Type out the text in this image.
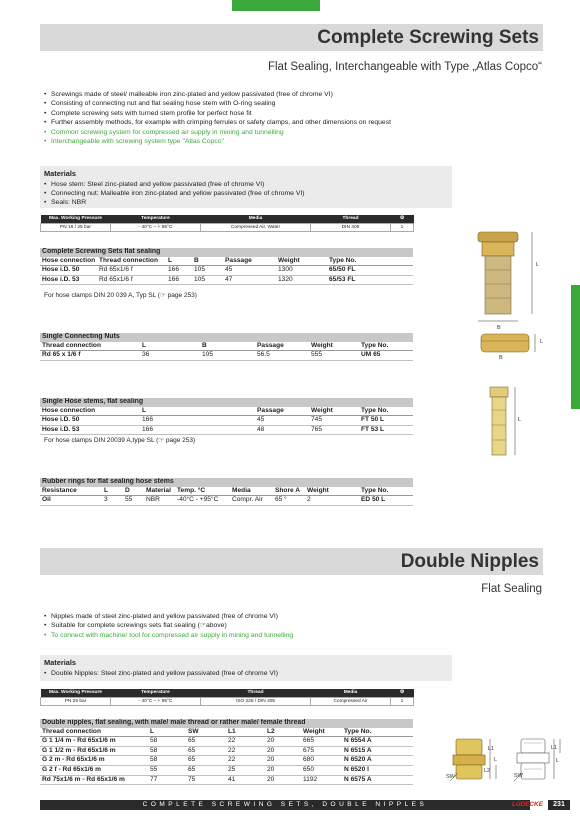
Complete Screwing Sets
Flat Sealing, Interchangeable with Type „Atlas Copco“
• Screwings made of steel/ malleable iron zinc-plated and yellow passivated (free of chrome VI)
• Consisting of connecting nut and flat sealing hose stem with O-ring sealing
• Complete screwing sets with turned stem profile for perfect hose fit
• Further assembly methods, for example with crimping ferrules or safety clamps, and other dimensions on request
• Common screwing system for compressed air supply in mining and tunnelling
• Interchangeable with screwing system type "Atlas Copco"
Materials
• Hose stem: Steel zinc-plated and yellow passivated (free of chrome VI)
• Connecting nut: Malleable iron zinc-plated and yellow passivated (free of chrome VI)
• Seals: NBR
Max. Working Pressure	Temperature	Media	Thread	⚙
PN 16 / 25 bar	- 40°C – + 95°C	Compressed Air, Water	DIN 405	1
Complete Screwing Sets flat sealing						
Hose connection	Thread connection	L	B	Passage	Weight	Type No.
Hose i.D. 50	Rd 65x1/6 f	166	105	45	1300	65/50 FL
Hose i.D. 53	Rd 65x1/6 f	166	105	47	1320	65/53 FL
For hose clamps DIN 20 039 A, Typ SL (☞ page 253)
Single Connecting Nuts					
Thread connection	L	B	Passage	Weight	Type No.
Rd 65 x 1/6 f	36	105	56.5	555	UM 65
Single Hose stems, flat sealing				
Hose connection	L	Passage	Weight	Type No.
Hose i.D. 50	166	45	745	FT 50 L
Hose i.D. 53	166	48	765	FT 53 L
For hose clamps DIN 20039 A,type SL (☞ page 253)
Rubber rings for flat sealing hose stems								
Resistance	L	D	Material	Temp. °C	Media	Shore A	Weight	Type No.
Oil	3	55	NBR	-40°C - +95°C	Compr. Air	65 °	2	ED 50 L
L
B
L
B
L
Double Nipples
Flat Sealing
• Nipples made of steel zinc-plated and yellow passivated (free of chrome VI)
• Suitable for complete screwings sets flat sealing (☞above)
• To connect with machine/ tool for compressed air supply in mining and tunnelling
Materials
• Double Nipples: Steel zinc-plated and yellow passivated (free of chrome VI)
Max. Working Pressure	Temperature	Thread	Media	⚙
PN 25 bar	- 40°C – + 95°C	ISO 228 / DIN 405	Compressed Air	1
Double nipples, flat sealing, with male/ male thread or rather male/ female thread						
Thread connection	L	SW	L1	L2	Weight	Type No.
G 1 1/4 m - Rd 65x1/6 m	58	65	22	20	665	N 6554 A
G 1 1/2 m - Rd 65x1/6 m	58	65	22	20	675	N 6515 A
G 2 m - Rd 65x1/6 m	58	65	22	20	680	N 6520 A
G 2 f - Rd 65x1/6 m	55	65	25	20	650	N 6520 I
Rd 75x1/6 m - Rd 65x1/6 m	77	75	41	20	1192	N 6575 A
L1
L2
L
SW
L1
L
SW
COMPLETE SCREWING SETS, DOUBLE NIPPLES	LÜDECKE	231
